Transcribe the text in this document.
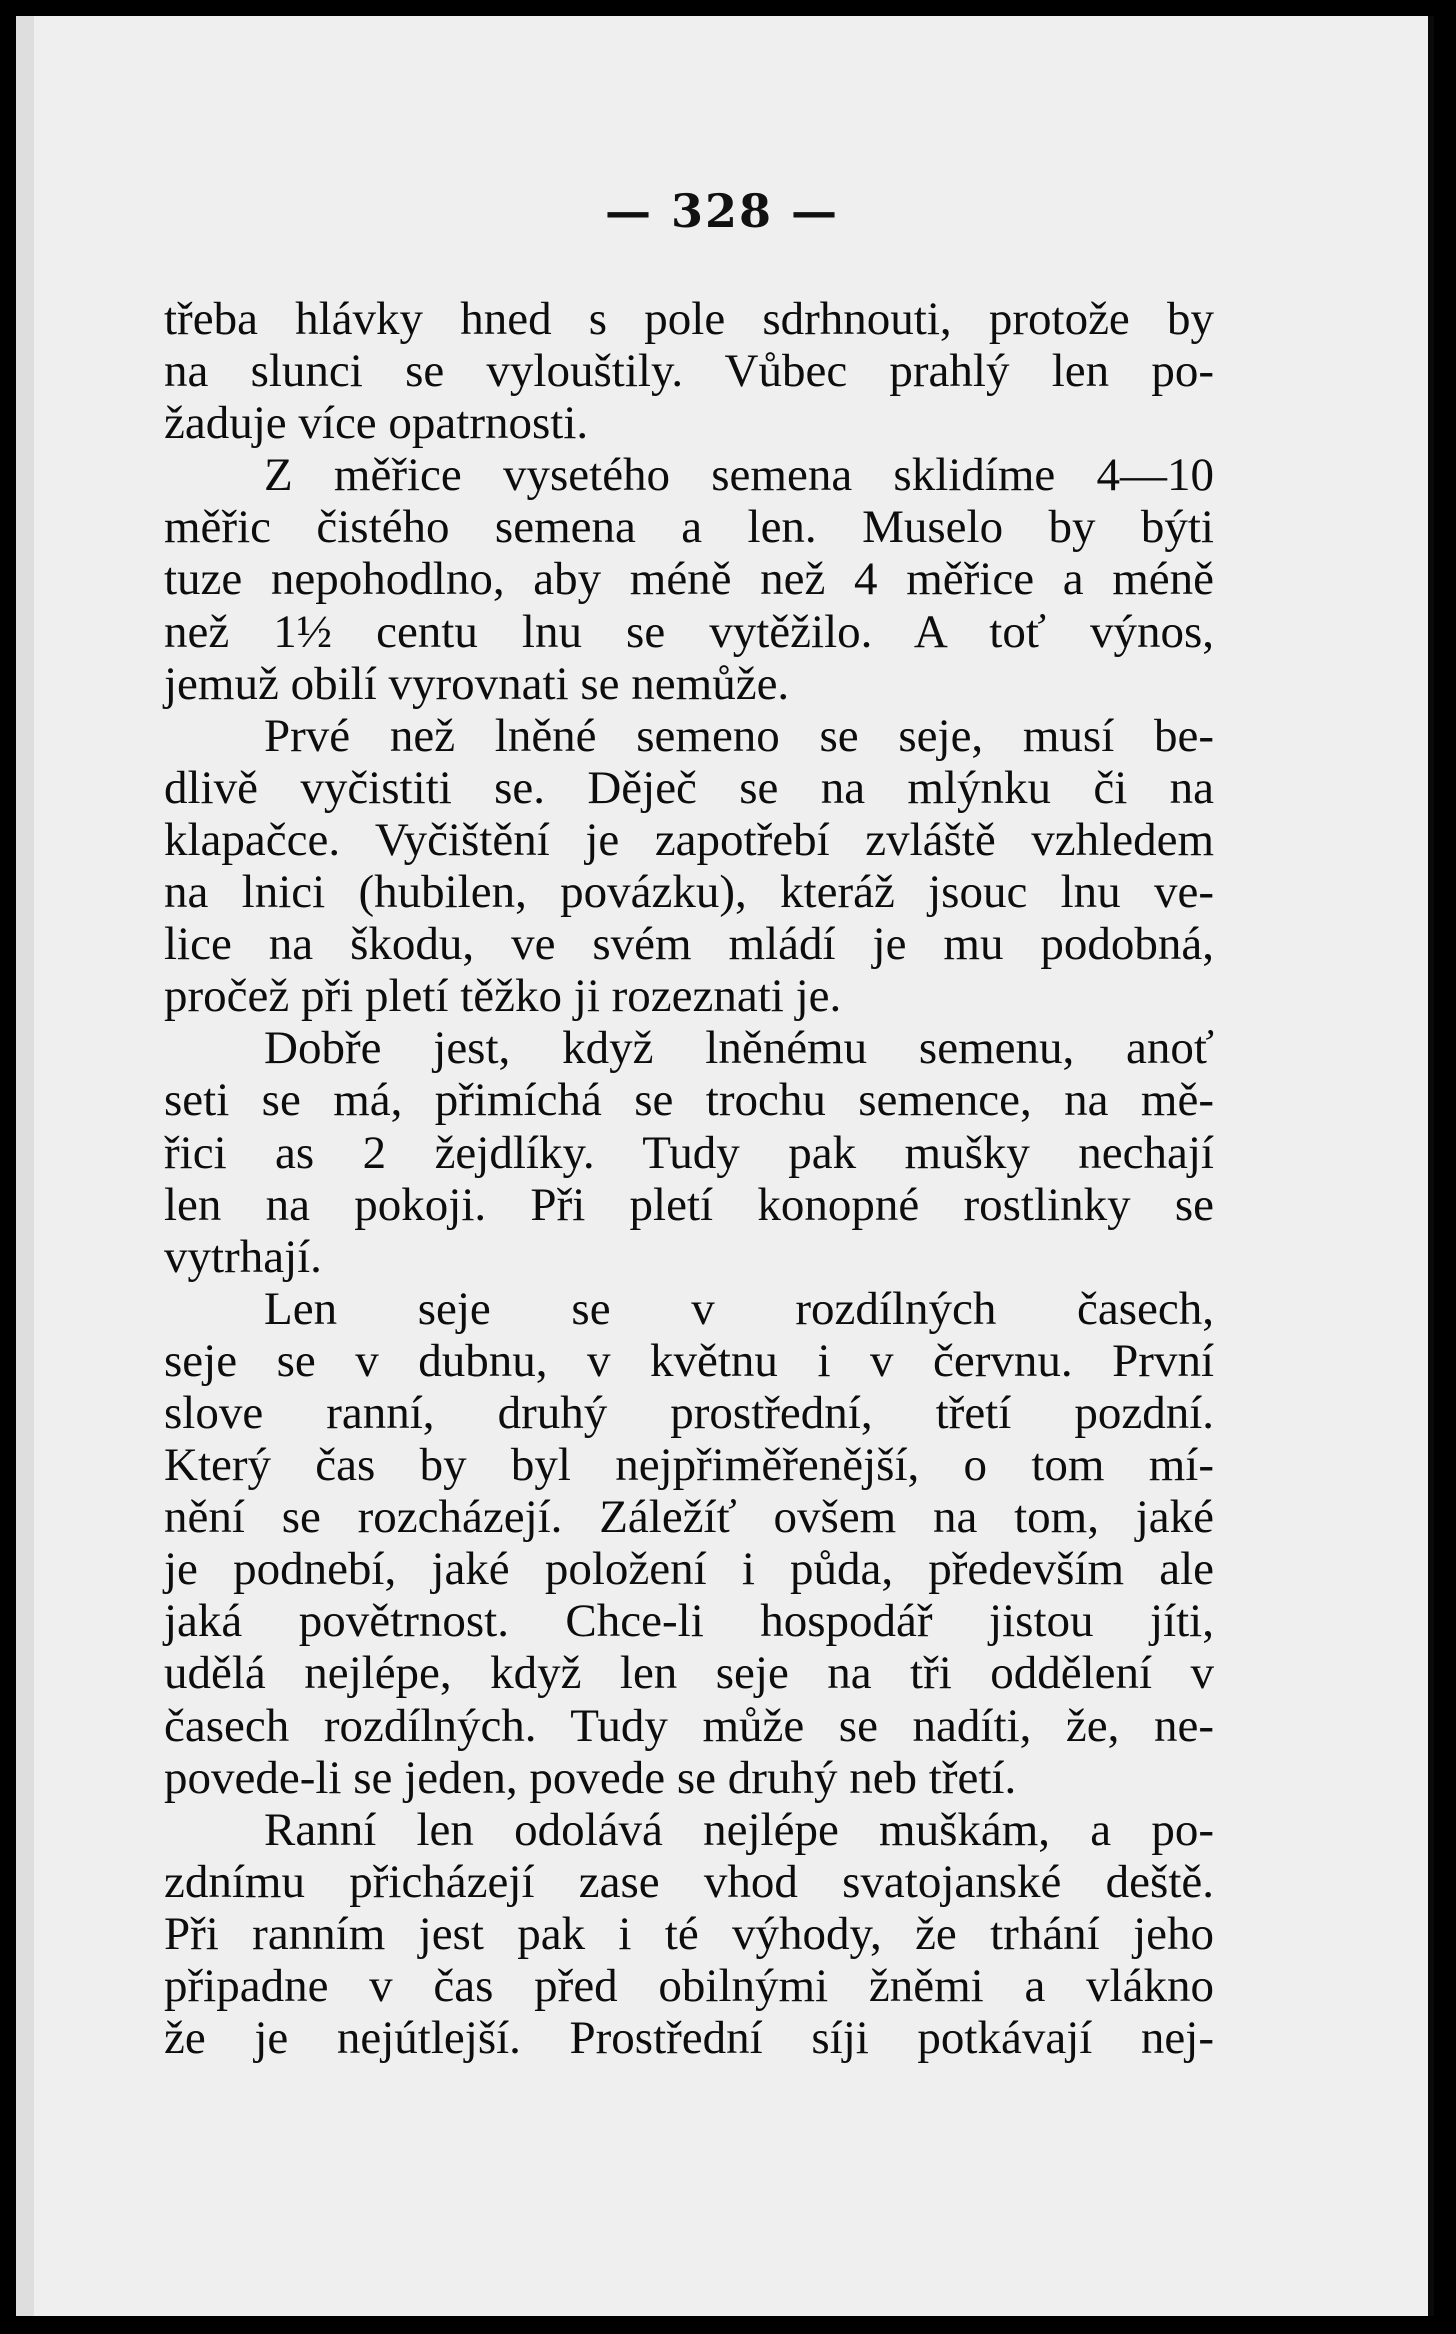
— 328 —
třeba hlávky hned s pole sdrhnouti, protože by
na slunci se vylouštily. Vůbec prahlý len po-
žaduje více opatrnosti.
Z měřice vysetého semena sklidíme 4—10
měřic čistého semena a len. Muselo by býti
tuze nepohodlno, aby méně než 4 měřice a méně
než 1½ centu lnu se vytěžilo. A toť výnos,
jemuž obilí vyrovnati se nemůže.
Prvé než lněné semeno se seje, musí be-
dlivě vyčistiti se. Děječ se na mlýnku či na
klapačce. Vyčištění je zapotřebí zvláště vzhledem
na lnici (hubilen, povázku), kteráž jsouc lnu ve-
lice na škodu, ve svém mládí je mu podobná,
pročež při pletí těžko ji rozeznati je.
Dobře jest, když lněnému semenu, anoť
seti se má, přimíchá se trochu semence, na mě-
řici as 2 žejdlíky. Tudy pak mušky nechají
len na pokoji. Při pletí konopné rostlinky se
vytrhají.
Len seje se v rozdílných časech,
seje se v dubnu, v květnu i v červnu. První
slove ranní, druhý prostřední, třetí pozdní.
Který čas by byl nejpřiměřenější, o tom mí-
nění se rozcházejí. Záležíť ovšem na tom, jaké
je podnebí, jaké položení i půda, především ale
jaká povětrnost. Chce-li hospodář jistou jíti,
udělá nejlépe, když len seje na tři oddělení v
časech rozdílných. Tudy může se nadíti, že, ne-
povede-li se jeden, povede se druhý neb třetí.
Ranní len odolává nejlépe muškám, a po-
zdnímu přicházejí zase vhod svatojanské deště.
Při ranním jest pak i té výhody, že trhání jeho
připadne v čas před obilnými žněmi a vlákno
že je nejútlejší. Prostřední síji potkávají nej-
